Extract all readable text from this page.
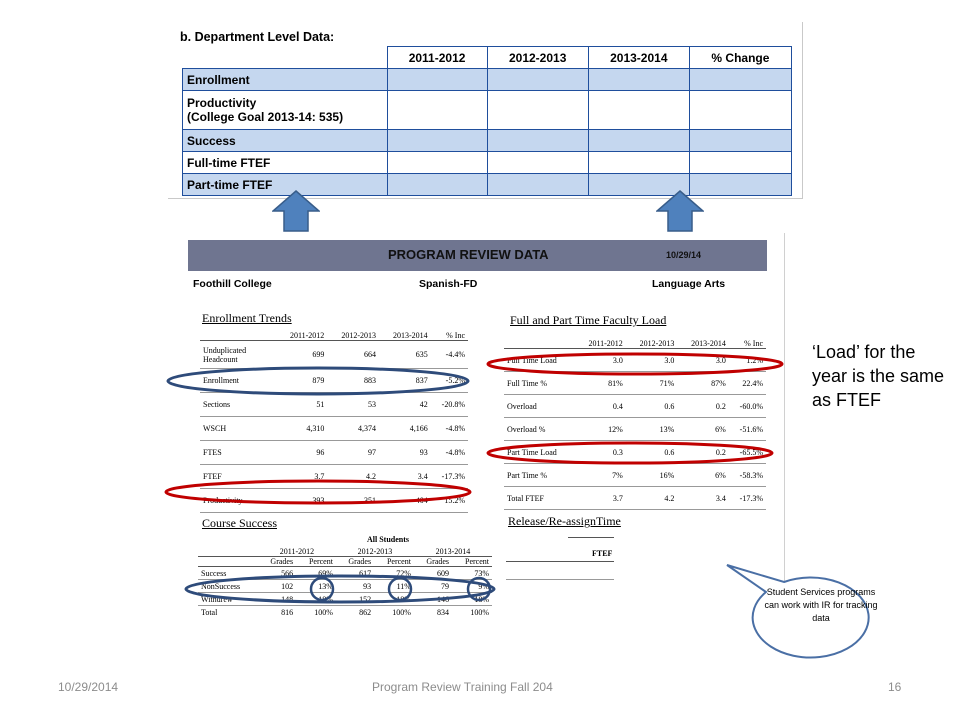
b. Department Level Data:
	2011-2012	2012-2013	2013-2014	% Change
Enrollment				
Productivity
(College Goal 2013-14: 535)				
Success				
Full-time FTEF				
Part-time FTEF				
PROGRAM REVIEW DATA	10/29/14
Foothill College	Spanish-FD	Language Arts
Enrollment Trends
	2011-2012	2012-2013	2013-2014	% Inc
Unduplicated Headcount	699	664	635	-4.4%
Enrollment	879	883	837	-5.2%
Sections	51	53	42	-20.8%
WSCH	4,310	4,374	4,166	-4.8%
FTES	96	97	93	-4.8%
FTEF	3.7	4.2	3.4	-17.3%
Productivity	393	351	404	15.2%
Full and Part Time Faculty Load
	2011-2012	2012-2013	2013-2014	% Inc
Full Time Load	3.0	3.0	3.0	1.2%
Full Time %	81%	71%	87%	22.4%
Overload	0.4	0.6	0.2	-60.0%
Overload %	12%	13%	6%	-51.6%
Part Time Load	0.3	0.6	0.2	-65.5%
Part Time %	7%	16%	6%	-58.3%
Total FTEF	3.7	4.2	3.4	-17.3%
Release/Re-assignTime
FTEF
Course Success
All Students
	2011-2012		2012-2013		2013-2014	
	Grades	Percent	Grades	Percent	Grades	Percent
Success	566	69%	617	72%	609	73%
NonSuccess	102	13%	93	11%	79	9%
Withdrew	148	18%	152	18%	146	18%
Total	816	100%	862	100%	834	100%
Student Services programs can work with IR for tracking data
‘Load’ for the year is the same as FTEF
10/29/2014	Program Review Training Fall 204	16
